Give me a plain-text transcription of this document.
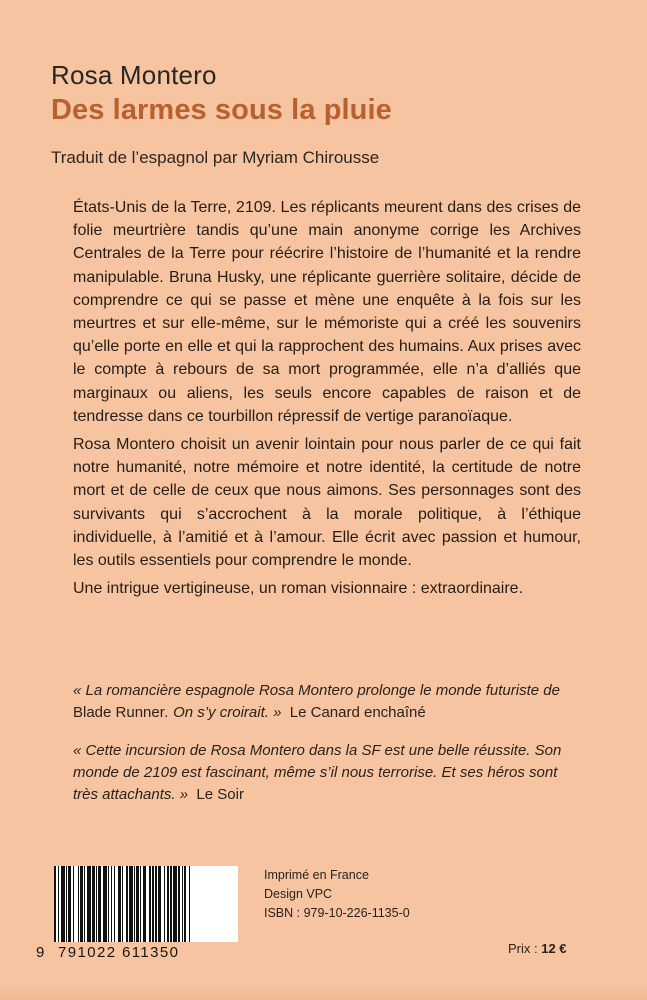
Rosa Montero
Des larmes sous la pluie
Traduit de l’espagnol par Myriam Chirousse

États-Unis de la Terre, 2109. Les réplicants meurent dans des crises de folie meurtrière tandis qu’une main anonyme corrige les Archives Centrales de la Terre pour réécrire l’histoire de l’humanité et la rendre manipulable. Bruna Husky, une réplicante guerrière solitaire, décide de comprendre ce qui se passe et mène une enquête à la fois sur les meurtres et sur elle-même, sur le mémoriste qui a créé les souvenirs qu’elle porte en elle et qui la rapprochent des humains. Aux prises avec le compte à rebours de sa mort programmée, elle n’a d’alliés que marginaux ou aliens, les seuls encore capables de raison et de tendresse dans ce tourbillon répressif de vertige paranoïaque.

Rosa Montero choisit un avenir lointain pour nous parler de ce qui fait notre humanité, notre mémoire et notre identité, la certitude de notre mort et de celle de ceux que nous aimons. Ses personnages sont des survivants qui s’accrochent à la morale politique, à l’éthique individuelle, à l’amitié et à l’amour. Elle écrit avec passion et humour, les outils essentiels pour comprendre le monde.

Une intrigue vertigineuse, un roman visionnaire : extraordinaire.

« La romancière espagnole Rosa Montero prolonge le monde futuriste de Blade Runner. On s’y croirait. » Le Canard enchaîné
« Cette incursion de Rosa Montero dans la SF est une belle réussite. Son monde de 2109 est fascinant, même s’il nous terrorise. Et ses héros sont très attachants. » Le Soir
9 791022 611350
Imprimé en France
Design VPC
ISBN : 979-10-226-1135-0
Prix : 12 €
